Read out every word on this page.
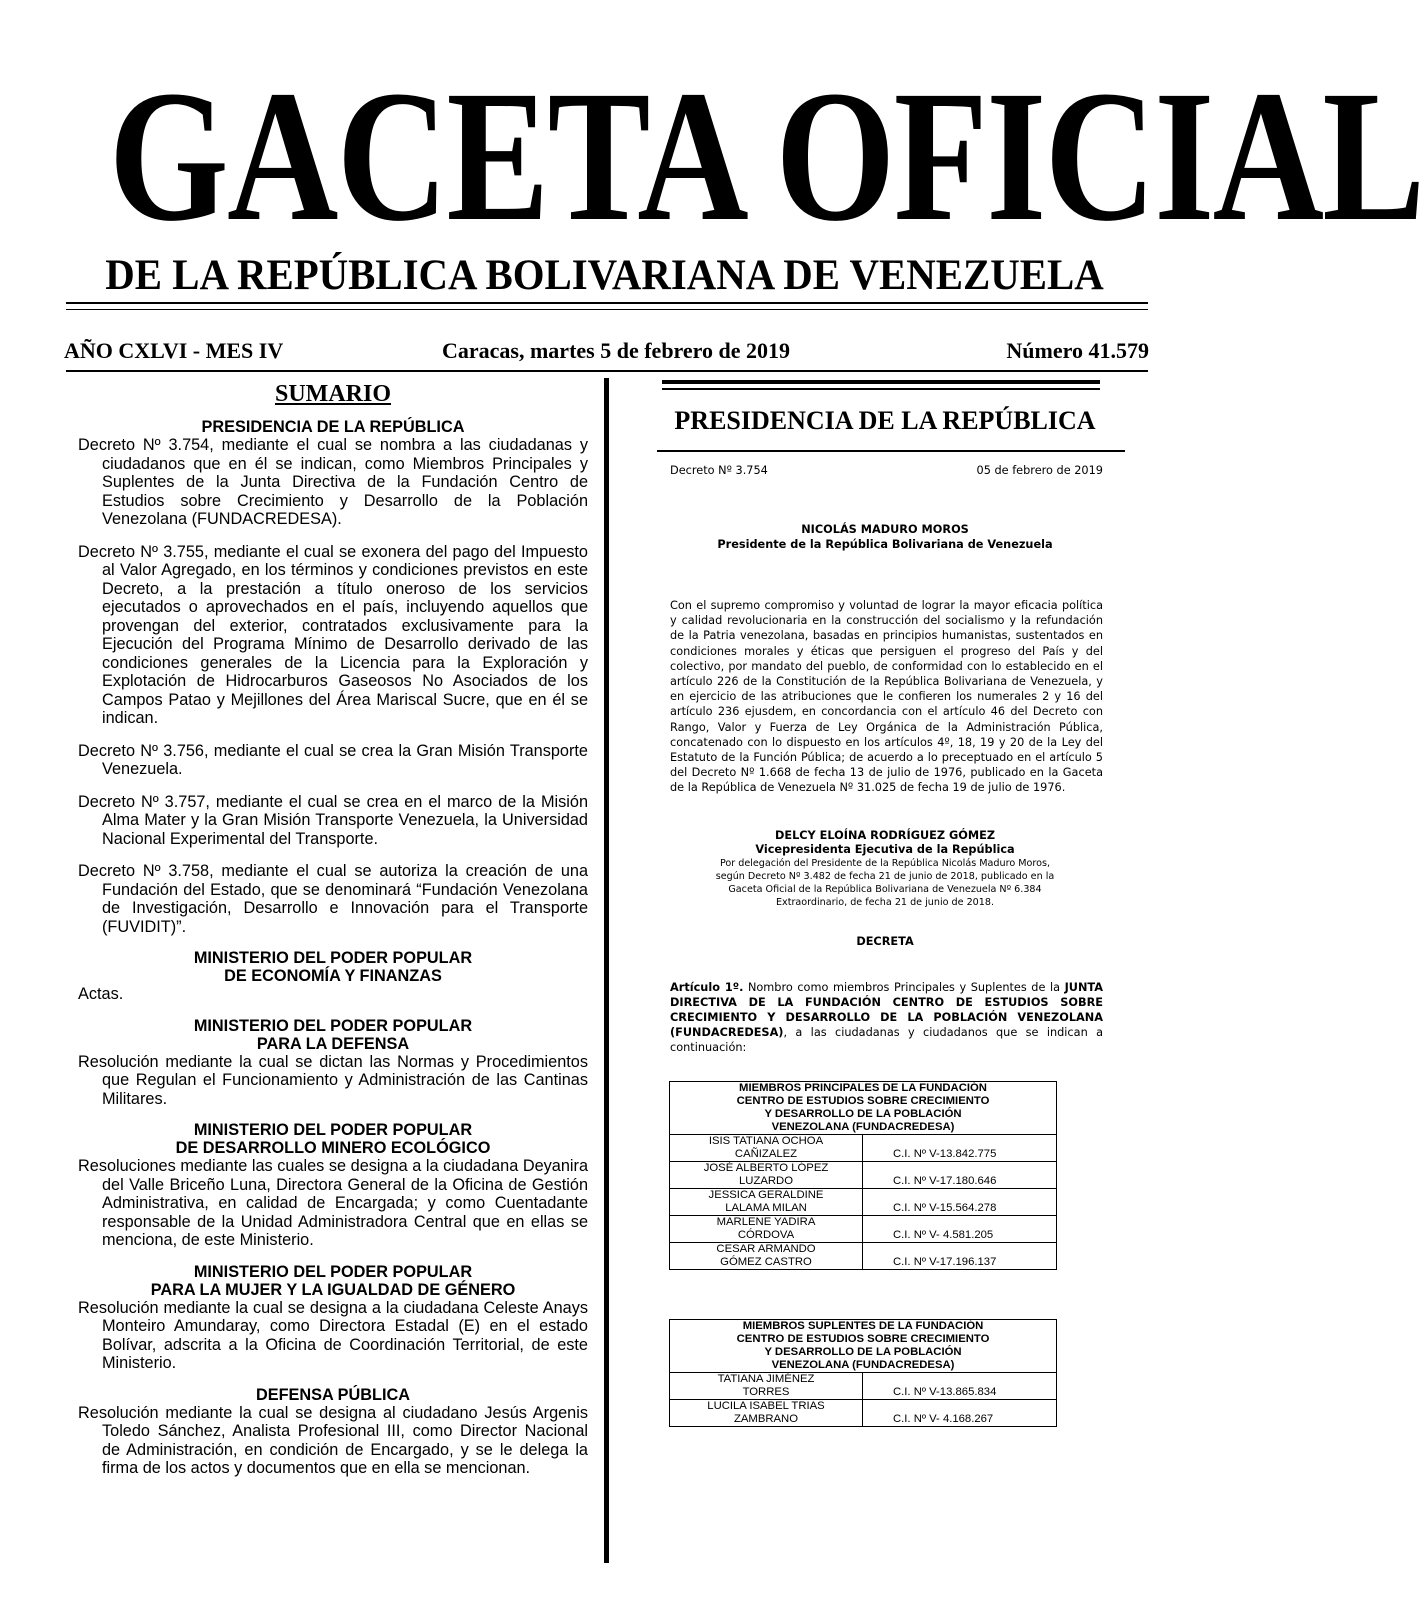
GACETA OFICIAL
DE LA REPÚBLICA BOLIVARIANA DE VENEZUELA
AÑO CXLVI - MES IV	Caracas, martes 5 de febrero de 2019	Número 41.579
SUMARIO
PRESIDENCIA DE LA REPÚBLICA
Decreto Nº 3.754, mediante el cual se nombra a las ciudadanas y ciudadanos que en él se indican, como Miembros Principales y Suplentes de la Junta Directiva de la Fundación Centro de Estudios sobre Crecimiento y Desarrollo de la Población Venezolana (FUNDACREDESA).
Decreto Nº 3.755, mediante el cual se exonera del pago del Impuesto al Valor Agregado, en los términos y condiciones previstos en este Decreto, a la prestación a título oneroso de los servicios ejecutados o aprovechados en el país, incluyendo aquellos que provengan del exterior, contratados exclusivamente para la Ejecución del Programa Mínimo de Desarrollo derivado de las condiciones generales de la Licencia para la Exploración y Explotación de Hidrocarburos Gaseosos No Asociados de los Campos Patao y Mejillones del Área Mariscal Sucre, que en él se indican.
Decreto Nº 3.756, mediante el cual se crea la Gran Misión Transporte Venezuela.
Decreto Nº 3.757, mediante el cual se crea en el marco de la Misión Alma Mater y la Gran Misión Transporte Venezuela, la Universidad Nacional Experimental del Transporte.
Decreto Nº 3.758, mediante el cual se autoriza la creación de una Fundación del Estado, que se denominará “Fundación Venezolana de Investigación, Desarrollo e Innovación para el Transporte (FUVIDIT)”.
MINISTERIO DEL PODER POPULAR
DE ECONOMÍA Y FINANZAS
Actas.
MINISTERIO DEL PODER POPULAR
PARA LA DEFENSA
Resolución mediante la cual se dictan las Normas y Procedimientos que Regulan el Funcionamiento y Administración de las Cantinas Militares.
MINISTERIO DEL PODER POPULAR
DE DESARROLLO MINERO ECOLÓGICO
Resoluciones mediante las cuales se designa a la ciudadana Deyanira del Valle Briceño Luna, Directora General de la Oficina de Gestión Administrativa, en calidad de Encargada; y como Cuentadante responsable de la Unidad Administradora Central que en ellas se menciona, de este Ministerio.
MINISTERIO DEL PODER POPULAR
PARA LA MUJER Y LA IGUALDAD DE GÉNERO
Resolución mediante la cual se designa a la ciudadana Celeste Anays Monteiro Amundaray, como Directora Estadal (E) en el estado Bolívar, adscrita a la Oficina de Coordinación Territorial, de este Ministerio.
DEFENSA PÚBLICA
Resolución mediante la cual se designa al ciudadano Jesús Argenis Toledo Sánchez, Analista Profesional III, como Director Nacional de Administración, en condición de Encargado, y se le delega la firma de los actos y documentos que en ella se mencionan.
PRESIDENCIA DE LA REPÚBLICA
Decreto Nº 3.754	05 de febrero de 2019
NICOLÁS MADURO MOROS
Presidente de la República Bolivariana de Venezuela
Con el supremo compromiso y voluntad de lograr la mayor eficacia política y calidad revolucionaria en la construcción del socialismo y la refundación de la Patria venezolana, basadas en principios humanistas, sustentados en condiciones morales y éticas que persiguen el progreso del País y del colectivo, por mandato del pueblo, de conformidad con lo establecido en el artículo 226 de la Constitución de la República Bolivariana de Venezuela, y en ejercicio de las atribuciones que le confieren los numerales 2 y 16 del artículo 236 ejusdem, en concordancia con el artículo 46 del Decreto con Rango, Valor y Fuerza de Ley Orgánica de la Administración Pública, concatenado con lo dispuesto en los artículos 4º, 18, 19 y 20 de la Ley del Estatuto de la Función Pública; de acuerdo a lo preceptuado en el artículo 5 del Decreto Nº 1.668 de fecha 13 de julio de 1976, publicado en la Gaceta de la República de Venezuela Nº 31.025 de fecha 19 de julio de 1976.
DELCY ELOÍNA RODRÍGUEZ GÓMEZ
Vicepresidenta Ejecutiva de la República
Por delegación del Presidente de la República Nicolás Maduro Moros,
según Decreto Nº 3.482 de fecha 21 de junio de 2018, publicado en la
Gaceta Oficial de la República Bolivariana de Venezuela Nº 6.384
Extraordinario, de fecha 21 de junio de 2018.
DECRETA
Artículo 1º. Nombro como miembros Principales y Suplentes de la JUNTA DIRECTIVA DE LA FUNDACIÓN CENTRO DE ESTUDIOS SOBRE CRECIMIENTO Y DESARROLLO DE LA POBLACIÓN VENEZOLANA (FUNDACREDESA), a las ciudadanas y ciudadanos que se indican a continuación:
MIEMBROS PRINCIPALES DE LA FUNDACIÓN
CENTRO DE ESTUDIOS SOBRE CRECIMIENTO
Y DESARROLLO DE LA POBLACIÓN
VENEZOLANA (FUNDACREDESA)	

ISIS TATIANA OCHOA
CAÑIZALEZ	C.I. Nº V-13.842.775

JOSÉ ALBERTO LÓPEZ
LUZARDO	C.I. Nº V-17.180.646

JESSICA GERALDINE
LALAMA MILAN	C.I. Nº V-15.564.278

MARLENE YADIRA
CÓRDOVA	C.I. Nº V- 4.581.205

CESAR ARMANDO
GÓMEZ CASTRO	C.I. Nº V-17.196.137
MIEMBROS SUPLENTES DE LA FUNDACIÓN
CENTRO DE ESTUDIOS SOBRE CRECIMIENTO
Y DESARROLLO DE LA POBLACIÓN
VENEZOLANA (FUNDACREDESA)	

TATIANA JIMÉNEZ
TORRES	C.I. Nº V-13.865.834

LUCILA ISABEL TRIAS
ZAMBRANO	C.I. Nº V- 4.168.267
